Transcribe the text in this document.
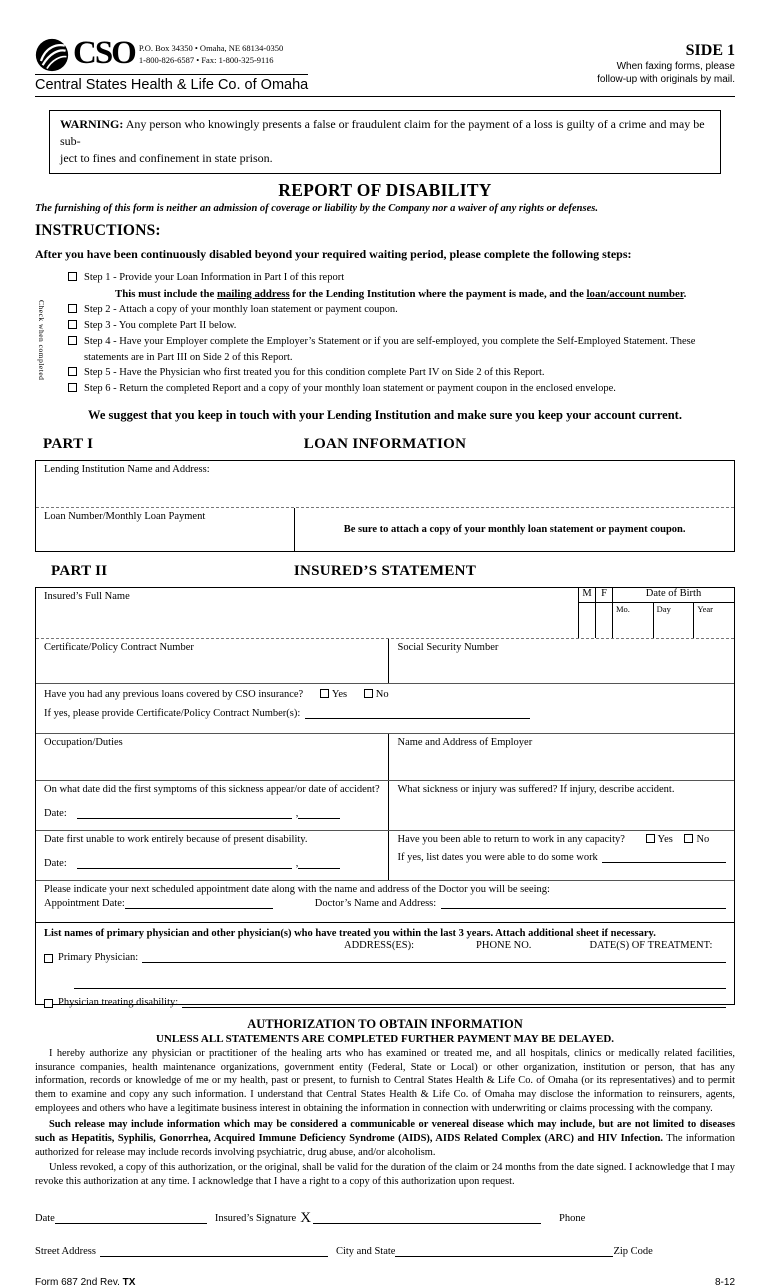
CSO P.O. Box 34350 • Omaha, NE 68134-0350
1-800-826-6587 • Fax: 1-800-325-9116
Central States Health & Life Co. of Omaha
SIDE 1
When faxing forms, please
follow-up with originals by mail.
WARNING: Any person who knowingly presents a false or fraudulent claim for the payment of a loss is guilty of a crime and may be sub-
ject to fines and confinement in state prison.
REPORT OF DISABILITY
The furnishing of this form is neither an admission of coverage or liability by the Company nor a waiver of any rights or defenses.
INSTRUCTIONS:
After you have been continuously disabled beyond your required waiting period, please complete the following steps:
Check when completed
Step 1 - Provide your Loan Information in Part I of this report
This must include the mailing address for the Lending Institution where the payment is made, and the loan/account number.
Step 2 - Attach a copy of your monthly loan statement or payment coupon.
Step 3 - You complete Part II below.
Step 4 - Have your Employer complete the Employer’s Statement or if you are self-employed, you complete the Self-Employed Statement. These statements are in Part III on Side 2 of this Report.
Step 5 - Have the Physician who first treated you for this condition complete Part IV on Side 2 of this Report.
Step 6 - Return the completed Report and a copy of your monthly loan statement or payment coupon in the enclosed envelope.
We suggest that you keep in touch with your Lending Institution and make sure you keep your account current.
PART I	LOAN INFORMATION
Lending Institution Name and Address:
Loan Number/Monthly Loan Payment
Be sure to attach a copy of your monthly loan statement or payment coupon.
PART II	INSURED’S STATEMENT
Insured’s Full Name	M F	Date of Birth
Mo.	Day	Year
Certificate/Policy Contract Number	Social Security Number
Have you had any previous loans covered by CSO insurance?	Yes	No
If yes, please provide Certificate/Policy Contract Number(s):
Occupation/Duties	Name and Address of Employer
On what date did the first symptoms of this sickness appear/or date of accident?
Date:	,
What sickness or injury was suffered? If injury, describe accident.
Date first unable to work entirely because of present disability.
Date:	,
Have you been able to return to work in any capacity?	Yes No
If yes, list dates you were able to do some work
Please indicate your next scheduled appointment date along with the name and address of the Doctor you will be seeing:
Appointment Date:	Doctor’s Name and Address:
List names of primary physician and other physician(s) who have treated you within the last 3 years. Attach additional sheet if necessary.
ADDRESS(ES):	PHONE NO.	DATE(S) OF TREATMENT:
Primary Physician:
Physician treating disability:
AUTHORIZATION TO OBTAIN INFORMATION
UNLESS ALL STATEMENTS ARE COMPLETED FURTHER PAYMENT MAY BE DELAYED.
I hereby authorize any physician or practitioner of the healing arts who has examined or treated me, and all hospitals, clinics or medically related facilities, insurance companies, health maintenance organizations, government entity (Federal, State or Local) or other organization, institution or person, that has any information, records or knowledge of me or my health, past or present, to furnish to Central States Health & Life Co. of Omaha (or its representatives) and to permit them to examine and copy any such information. I understand that Central States Health & Life Co. of Omaha may disclose the information to reinsurers, agents, employees and others who have a legitimate business interest in obtaining the information in connection with underwriting or claims processing with the company.
Such release may include information which may be considered a communicable or venereal disease which may include, but are not limited to diseases such as Hepatitis, Syphilis, Gonorrhea, Acquired Immune Deficiency Syndrome (AIDS), AIDS Related Complex (ARC) and HIV Infection. The information authorized for release may include records involving psychiatric, drug abuse, and/or alcoholism.
Unless revoked, a copy of this authorization, or the original, shall be valid for the duration of the claim or 24 months from the date signed. I acknowledge that I may revoke this authorization at any time. I acknowledge that I have a right to a copy of this authorization upon request.
Date	Insured’s Signature X	Phone
Street Address	City and State	Zip Code
Form 687 2nd Rev. TX	8-12
